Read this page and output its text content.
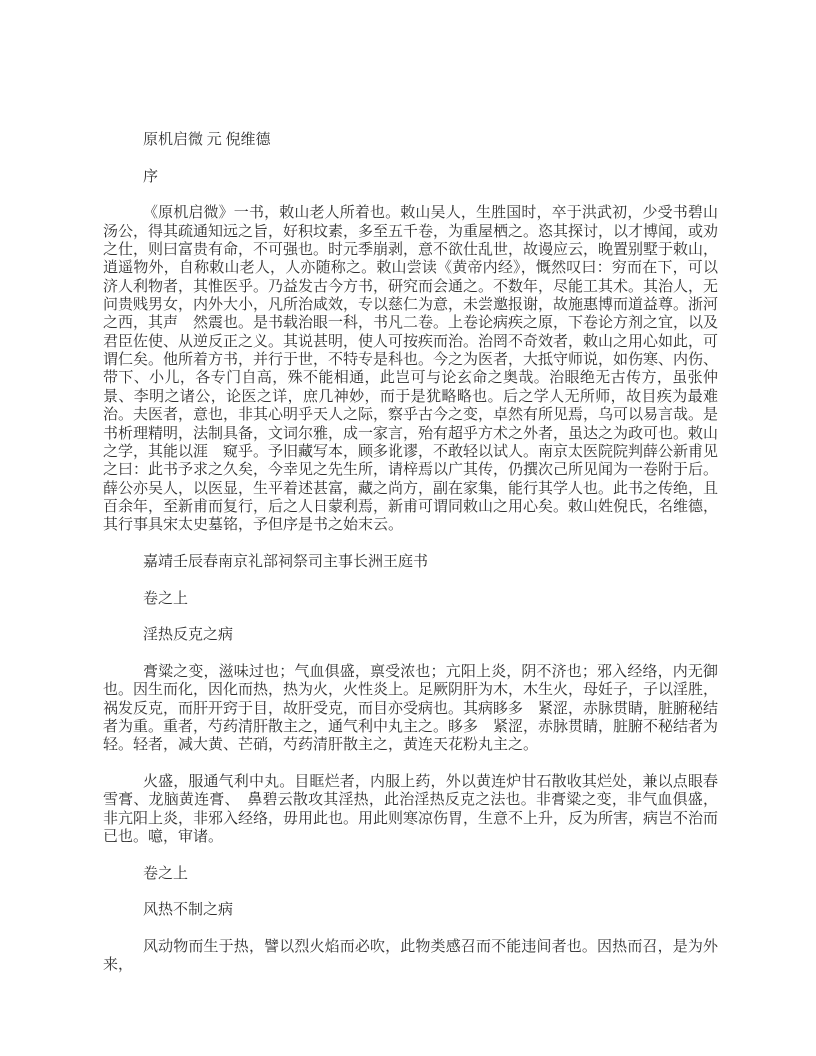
原机启微 元 倪维德

序

《原机启微》一书，敕山老人所着也。敕山吴人，生胜国时，卒于洪武初，少受书碧山汤公，得其疏通知远之旨，好积坟素，多至五千卷，为重屋栖之。恣其探讨，以才博闻，或劝之仕，则曰富贵有命，不可强也。时元季崩剥，意不欲仕乱世，故谩应云，晚置别墅于敕山，逍遥物外，自称敕山老人，人亦随称之。敕山尝读《黄帝内经》，慨然叹曰：穷而在下，可以济人利物者，其惟医乎。乃益发古今方书，研究而会通之。不数年，尽能工其术。其治人，无问贵贱男女，内外大小，凡所治咸效，专以慈仁为意，未尝邀报谢，故施惠博而道益尊。浙河之西，其声　然震也。是书载治眼一科，书凡二卷。上卷论病疾之原，下卷论方剂之宜，以及君臣佐使、从逆反正之义。其说甚明，使人可按疾而治。治罔不奇效者，敕山之用心如此，可谓仁矣。他所着方书，并行于世，不特专是科也。今之为医者，大抵守师说，如伤寒、内伤、带下、小儿，各专门自高，殊不能相通，此岂可与论玄命之奥哉。治眼绝无古传方，虽张仲景、李明之诸公，论医之详，庶几神妙，而于是犹略略也。后之学人无所师，故目疾为最难治。夫医者，意也，非其心明乎天人之际，察乎古今之变，卓然有所见焉，乌可以易言哉。是书析理精明，法制具备，文词尔雅，成一家言，殆有超乎方术之外者，虽达之为政可也。敕山之学，其能以涯　窥乎。予旧藏写本，顾多讹谬，不敢轻以试人。南京太医院院判薛公新甫见之曰：此书予求之久矣，今幸见之先生所，请梓焉以广其传，仍撰次己所见闻为一卷附于后。薛公亦吴人，以医显，生平着述甚富，藏之尚方，副在家集，能行其学人也。此书之传绝，且百余年，至新甫而复行，后之人日蒙利焉，新甫可谓同敕山之用心矣。敕山姓倪氏，名维德，其行事具宋太史墓铭，予但序是书之始末云。

嘉靖壬辰春南京礼部祠祭司主事长洲王庭书

卷之上

淫热反克之病

膏粱之变，滋味过也；气血俱盛，禀受浓也；亢阳上炎，阴不济也；邪入经络，内无御也。因生而化，因化而热，热为火，火性炎上。足厥阴肝为木，木生火，母妊子，子以淫胜，祸发反克，而肝开窍于目，故肝受克，而目亦受病也。其病眵多　紧涩，赤脉贯睛，脏腑秘结者为重。重者，芍药清肝散主之，通气利中丸主之。眵多　紧涩，赤脉贯睛，脏腑不秘结者为轻。轻者，减大黄、芒硝，芍药清肝散主之，黄连天花粉丸主之。

火盛，服通气利中丸。目眶烂者，内服上药，外以黄连炉甘石散收其烂处，兼以点眼春雪膏、龙脑黄连膏、　鼻碧云散攻其淫热，此治淫热反克之法也。非膏粱之变，非气血俱盛，非亢阳上炎，非邪入经络，毋用此也。用此则寒凉伤胃，生意不上升，反为所害，病岂不治而已也。噫，审诸。

卷之上

风热不制之病

风动物而生于热，譬以烈火焰而必吹，此物类感召而不能违间者也。因热而召，是为外来，
